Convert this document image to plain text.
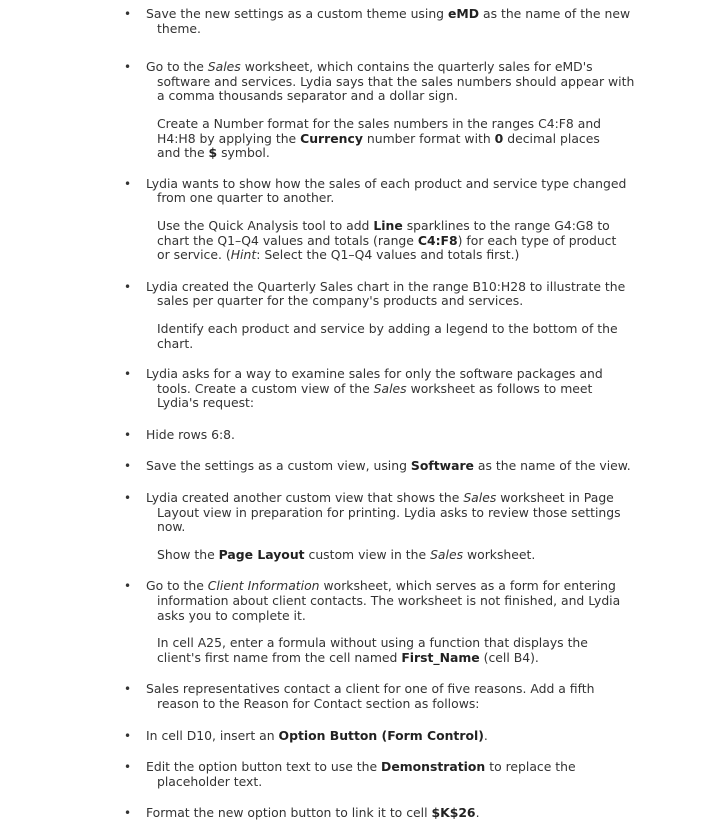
• Save the new settings as a custom theme using eMD as the name of the new theme.
• Go to the Sales worksheet, which contains the quarterly sales for eMD's software and services. Lydia says that the sales numbers should appear with a comma thousands separator and a dollar sign.
Create a Number format for the sales numbers in the ranges C4:F8 and H4:H8 by applying the Currency number format with 0 decimal places and the $ symbol.
• Lydia wants to show how the sales of each product and service type changed from one quarter to another.
Use the Quick Analysis tool to add Line sparklines to the range G4:G8 to chart the Q1–Q4 values and totals (range C4:F8) for each type of product or service. (Hint: Select the Q1–Q4 values and totals first.)
• Lydia created the Quarterly Sales chart in the range B10:H28 to illustrate the sales per quarter for the company's products and services.
Identify each product and service by adding a legend to the bottom of the chart.
• Lydia asks for a way to examine sales for only the software packages and tools. Create a custom view of the Sales worksheet as follows to meet Lydia's request:
• Hide rows 6:8.
• Save the settings as a custom view, using Software as the name of the view.
• Lydia created another custom view that shows the Sales worksheet in Page Layout view in preparation for printing. Lydia asks to review those settings now.
Show the Page Layout custom view in the Sales worksheet.
• Go to the Client Information worksheet, which serves as a form for entering information about client contacts. The worksheet is not finished, and Lydia asks you to complete it.
In cell A25, enter a formula without using a function that displays the client's first name from the cell named First_Name (cell B4).
• Sales representatives contact a client for one of five reasons. Add a fifth reason to the Reason for Contact section as follows:
• In cell D10, insert an Option Button (Form Control).
• Edit the option button text to use the Demonstration to replace the placeholder text.
• Format the new option button to link it to cell $K$26.
